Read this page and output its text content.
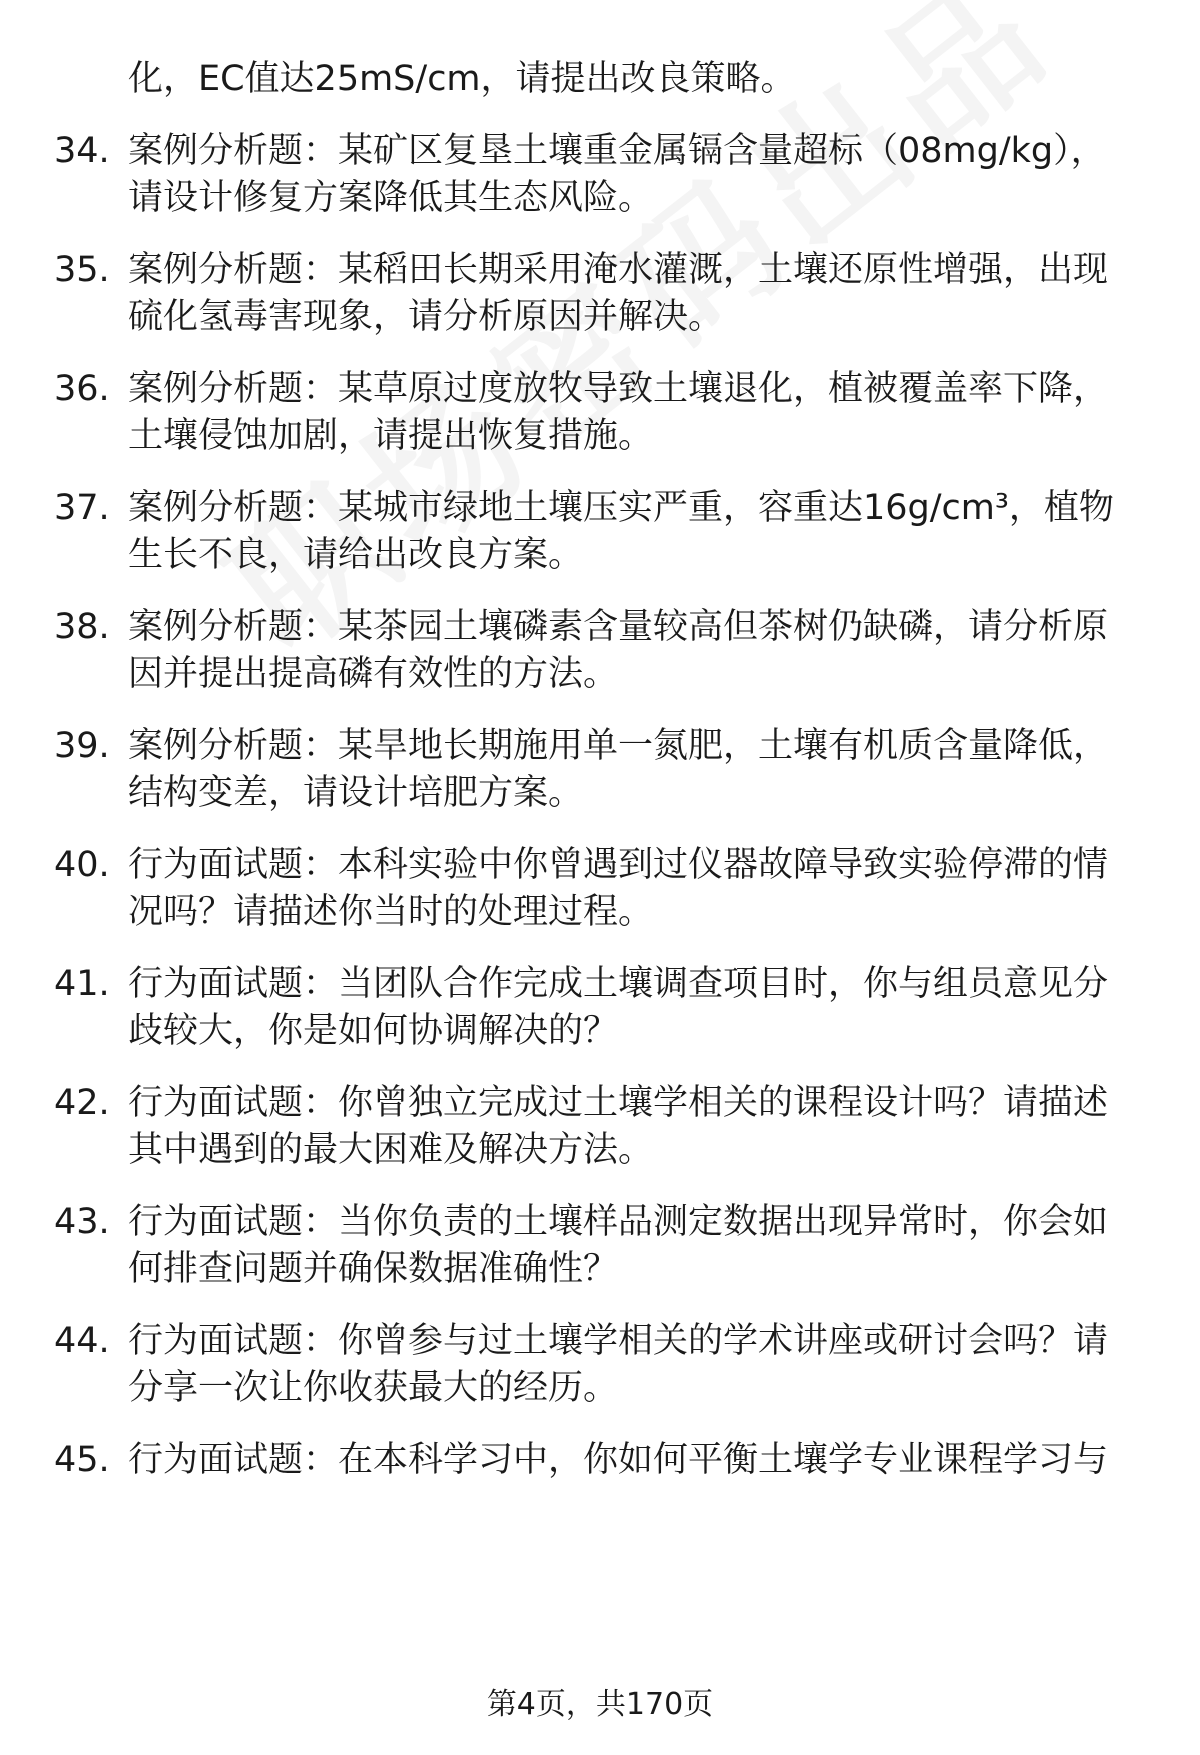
化，EC值达25mS/cm，请提出改良策略。
34. 案例分析题：某矿区复垦土壤重金属镉含量超标（08mg/kg），
请设计修复方案降低其生态风险。
35. 案例分析题：某稻田长期采用淹水灌溉，土壤还原性增强，出现
硫化氢毒害现象，请分析原因并解决。
36. 案例分析题：某草原过度放牧导致土壤退化，植被覆盖率下降，
土壤侵蚀加剧，请提出恢复措施。
37. 案例分析题：某城市绿地土壤压实严重，容重达16g/cm³，植物
生长不良，请给出改良方案。
38. 案例分析题：某茶园土壤磷素含量较高但茶树仍缺磷，请分析原
因并提出提高磷有效性的方法。
39. 案例分析题：某旱地长期施用单一氮肥，土壤有机质含量降低，
结构变差，请设计培肥方案。
40. 行为面试题：本科实验中你曾遇到过仪器故障导致实验停滞的情
况吗？请描述你当时的处理过程。
41. 行为面试题：当团队合作完成土壤调查项目时，你与组员意见分
歧较大，你是如何协调解决的？
42. 行为面试题：你曾独立完成过土壤学相关的课程设计吗？请描述
其中遇到的最大困难及解决方法。
43. 行为面试题：当你负责的土壤样品测定数据出现异常时，你会如
何排查问题并确保数据准确性？
44. 行为面试题：你曾参与过土壤学相关的学术讲座或研讨会吗？请
分享一次让你收获最大的经历。
45. 行为面试题：在本科学习中，你如何平衡土壤学专业课程学习与
第4页，共170页
